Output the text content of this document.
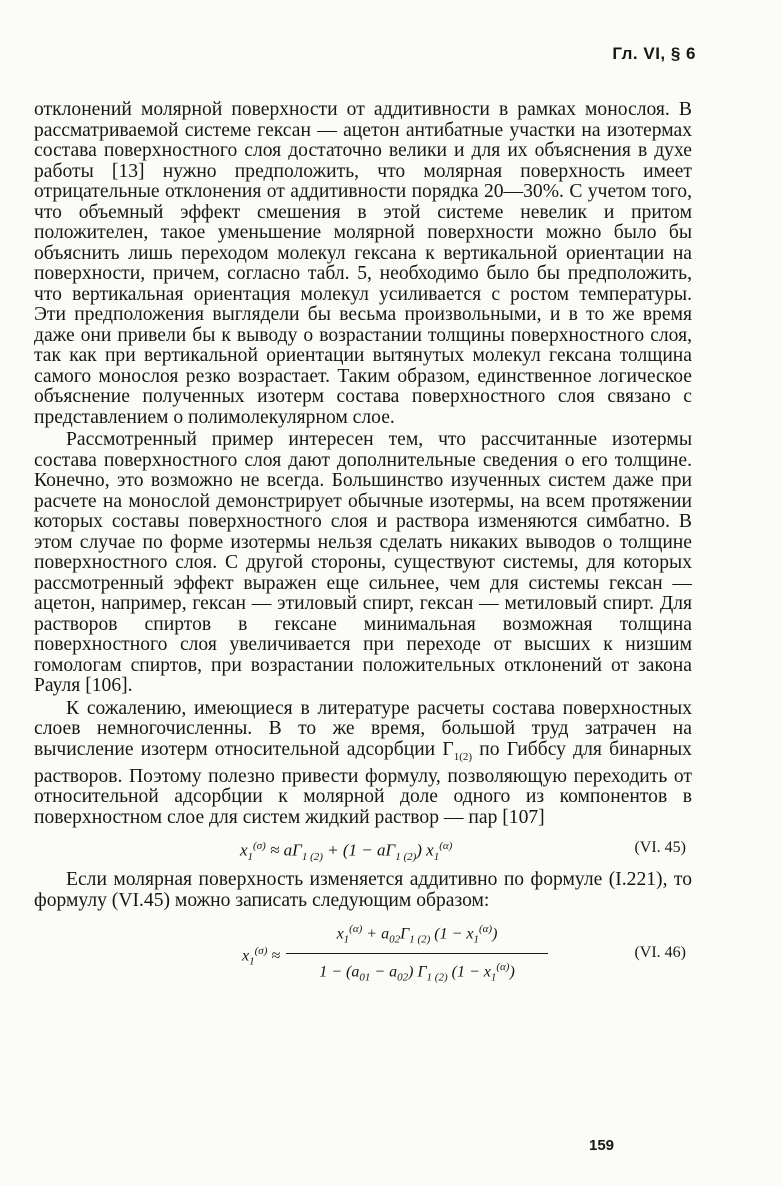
Гл. VI, § 6

отклонений молярной поверхности от аддитивности в рамках монослоя. В рассматриваемой системе гексан — ацетон антибатные участки на изотермах состава поверхностного слоя достаточно велики и для их объяснения в духе работы [13] нужно предположить, что молярная поверхность имеет отрицательные отклонения от аддитивности порядка 20—30%. С учетом того, что объемный эффект смешения в этой системе невелик и притом положителен, такое уменьшение молярной поверхности можно было бы объяснить лишь переходом молекул гексана к вертикальной ориентации на поверхности, причем, согласно табл. 5, необходимо было бы предположить, что вертикальная ориентация молекул усиливается с ростом температуры. Эти предположения выглядели бы весьма произвольными, и в то же время даже они привели бы к выводу о возрастании толщины поверхностного слоя, так как при вертикальной ориентации вытянутых молекул гексана толщина самого монослоя резко возрастает. Таким образом, единственное логическое объяснение полученных изотерм состава поверхностного слоя связано с представлением о полимолекулярном слое.

Рассмотренный пример интересен тем, что рассчитанные изотермы состава поверхностного слоя дают дополнительные сведения о его толщине. Конечно, это возможно не всегда. Большинство изученных систем даже при расчете на монослой демонстрирует обычные изотермы, на всем протяжении которых составы поверхностного слоя и раствора изменяются симбатно. В этом случае по форме изотермы нельзя сделать никаких выводов о толщине поверхностного слоя. С другой стороны, существуют системы, для которых рассмотренный эффект выражен еще сильнее, чем для системы гексан — ацетон, например, гексан — этиловый спирт, гексан — метиловый спирт. Для растворов спиртов в гексане минимальная возможная толщина поверхностного слоя увеличивается при переходе от высших к низшим гомологам спиртов, при возрастании положительных отклонений от закона Рауля [106].

К сожалению, имеющиеся в литературе расчеты состава поверхностных слоев немногочисленны. В то же время, большой труд затрачен на вычисление изотерм относительной адсорбции $Г_{1(2)}$ по Гиббсу для бинарных растворов. Поэтому полезно привести формулу, позволяющую переходить от относительной адсорбции к молярной доле одного из компонентов в поверхностном слое для систем жидкий раствор — пар [107]

$x_1^{(\sigma)} \approx aГ_{1 (2)} + (1 - aГ_{1 (2)})$ $x_1^{(\alpha)}$	(VI. 45)

Если молярная поверхность изменяется аддитивно по формуле (I.221), то формулу (VI.45) можно записать следующим образом:

$x_1^{(\sigma)}$ ≈
$x_1^{(\alpha)} + a_{02}Г_{1 (2)}$ $(1 - x_1^{(\alpha)})$
$1 - (a_{01} - a_{02})$ $Г_{1 (2)}$ $(1 - x_1^{(\alpha)})$
(VI. 46)
159
